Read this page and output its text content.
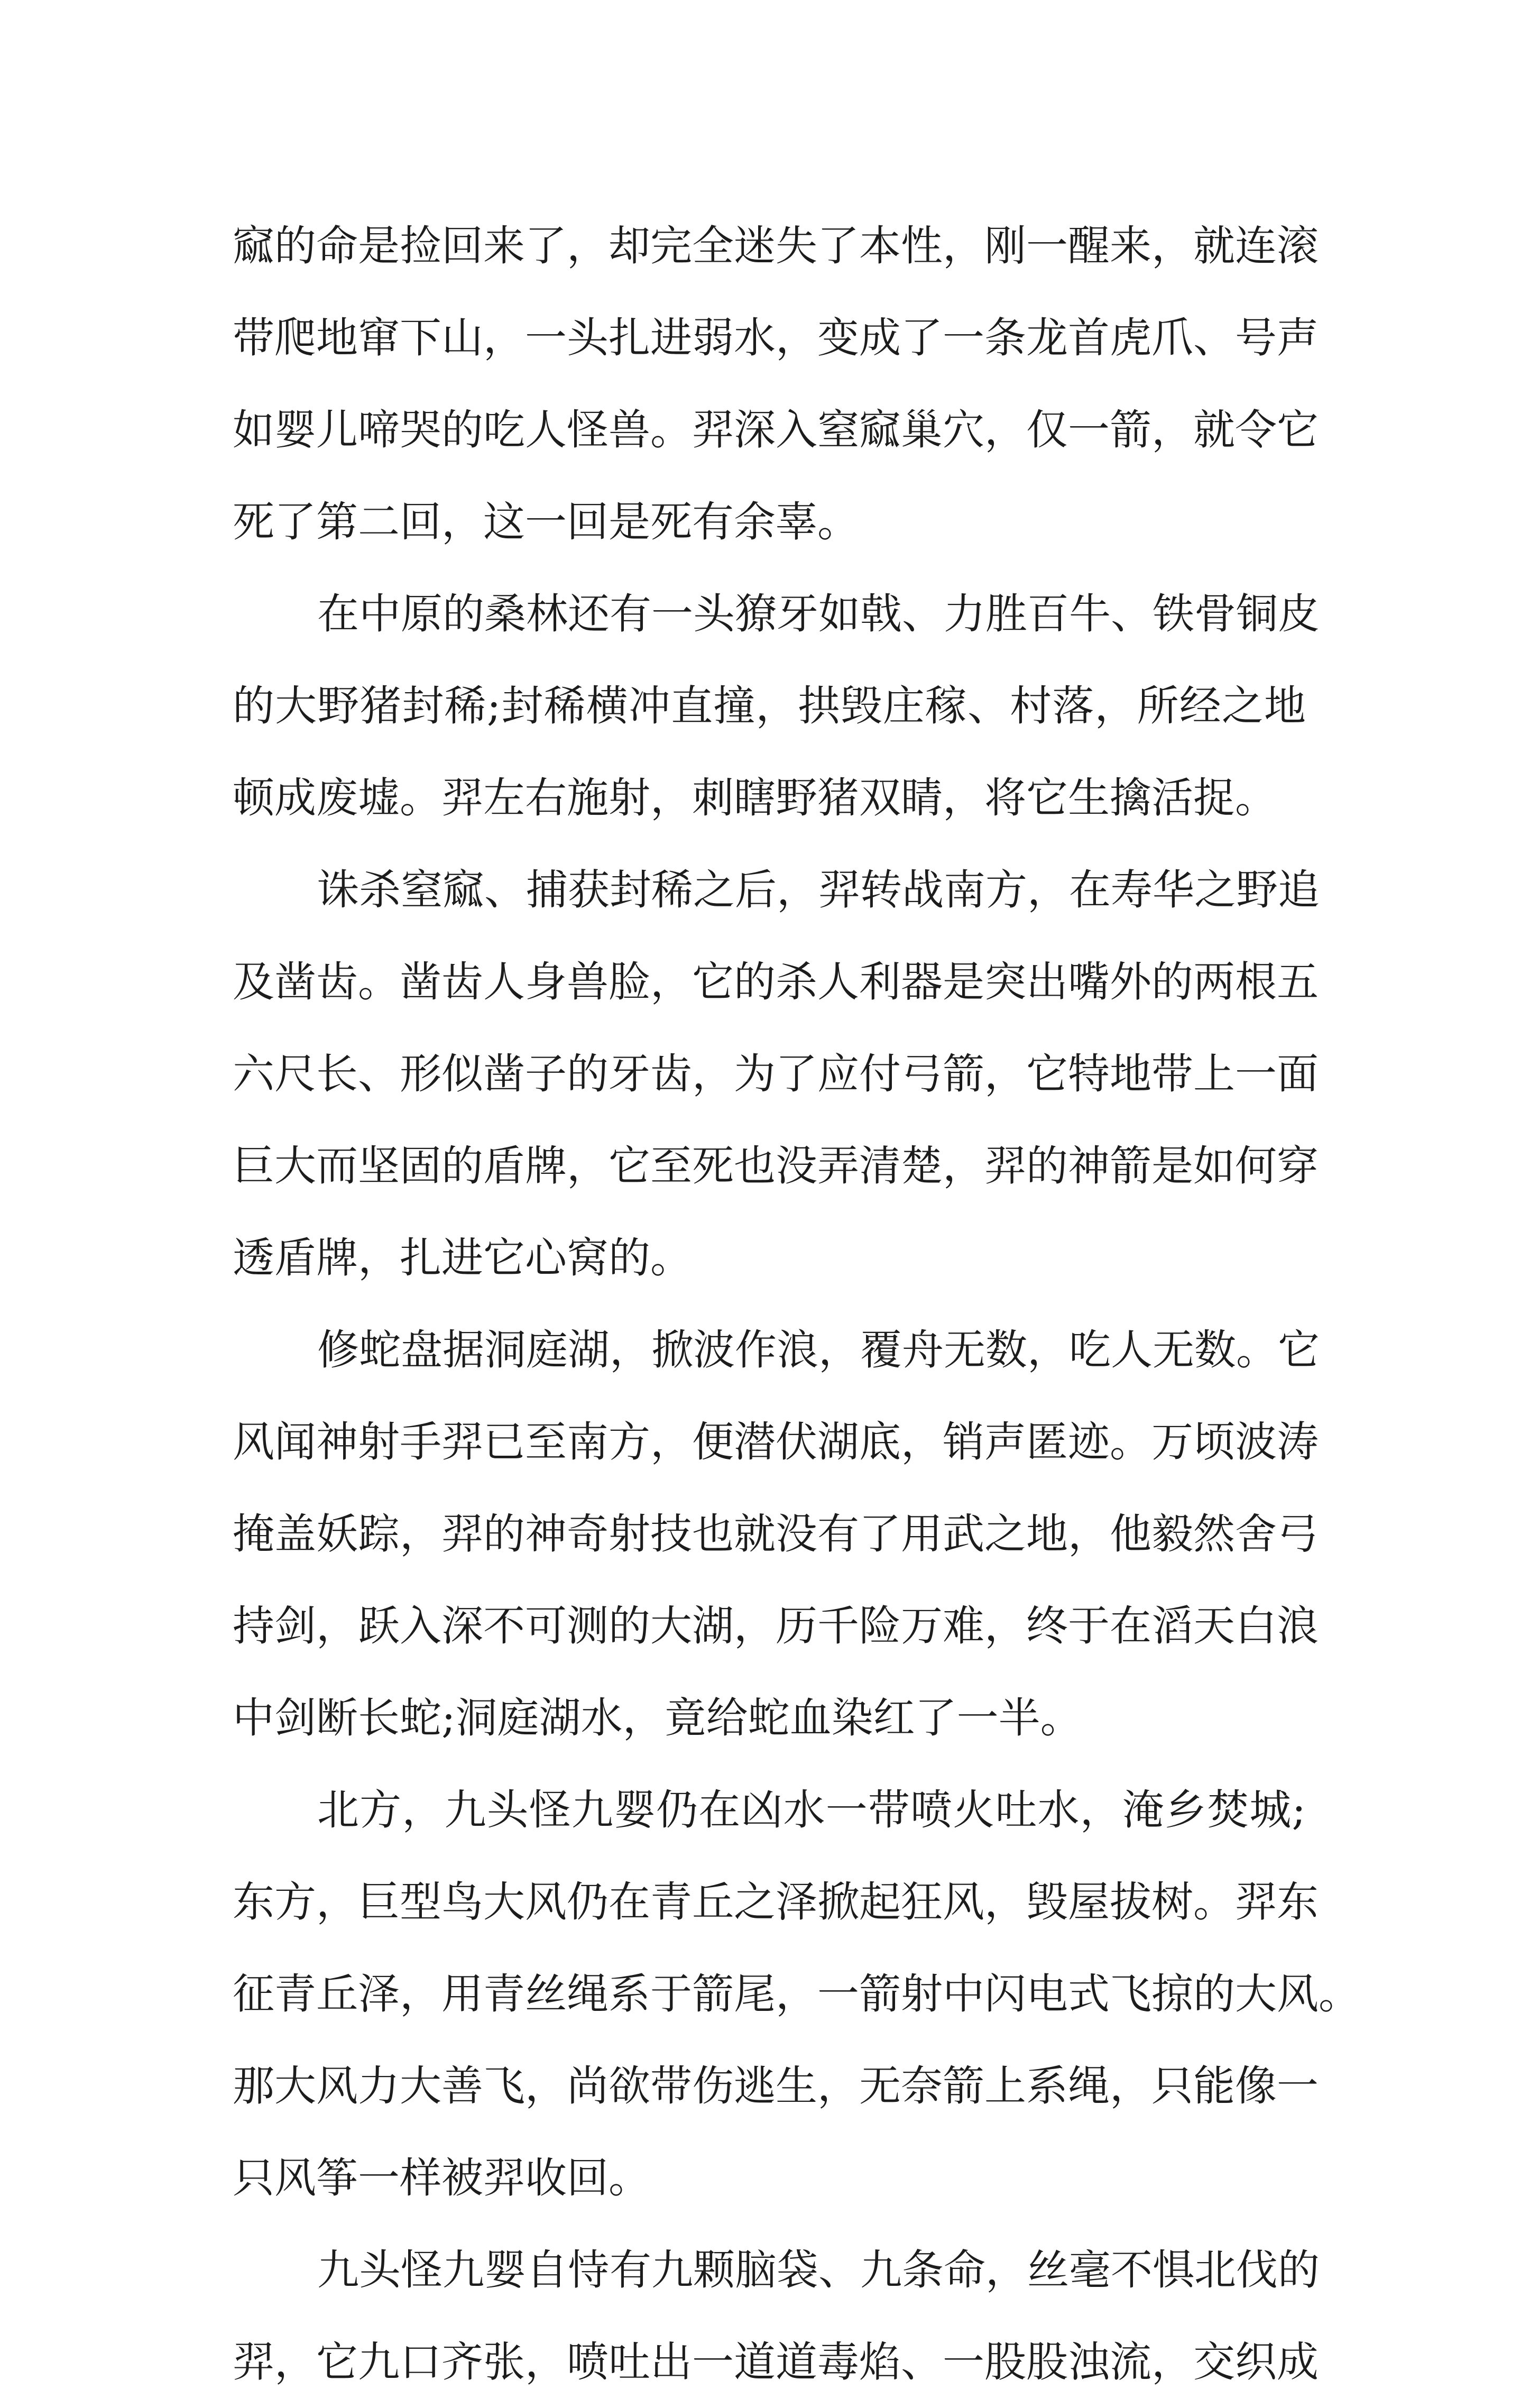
窳的命是捡回来了，却完全迷失了本性，刚一醒来，就连滚
带爬地窜下山，一头扎进弱水，变成了一条龙首虎爪、号声
如婴儿啼哭的吃人怪兽。羿深入窒窳巢穴，仅一箭，就令它
死了第二回，这一回是死有余辜。
在中原的桑林还有一头獠牙如戟、力胜百牛、铁骨铜皮
的大野猪封稀;封稀横冲直撞，拱毁庄稼、村落，所经之地
顿成废墟。羿左右施射，刺瞎野猪双睛，将它生擒活捉。
诛杀窒窳、捕获封稀之后，羿转战南方，在寿华之野追
及凿齿。凿齿人身兽脸，它的杀人利器是突出嘴外的两根五
六尺长、形似凿子的牙齿，为了应付弓箭，它特地带上一面
巨大而坚固的盾牌，它至死也没弄清楚，羿的神箭是如何穿
透盾牌，扎进它心窝的。
修蛇盘据洞庭湖，掀波作浪，覆舟无数，吃人无数。它
风闻神射手羿已至南方，便潜伏湖底，销声匿迹。万顷波涛
掩盖妖踪，羿的神奇射技也就没有了用武之地，他毅然舍弓
持剑，跃入深不可测的大湖，历千险万难，终于在滔天白浪
中剑断长蛇;洞庭湖水，竟给蛇血染红了一半。
北方，九头怪九婴仍在凶水一带喷火吐水，淹乡焚城;
东方，巨型鸟大风仍在青丘之泽掀起狂风，毁屋拔树。羿东
征青丘泽，用青丝绳系于箭尾，一箭射中闪电式飞掠的大风。
那大风力大善飞，尚欲带伤逃生，无奈箭上系绳，只能像一
只风筝一样被羿收回。
九头怪九婴自恃有九颗脑袋、九条命，丝毫不惧北伐的
羿，它九口齐张，喷吐出一道道毒焰、一股股浊流，交织成
